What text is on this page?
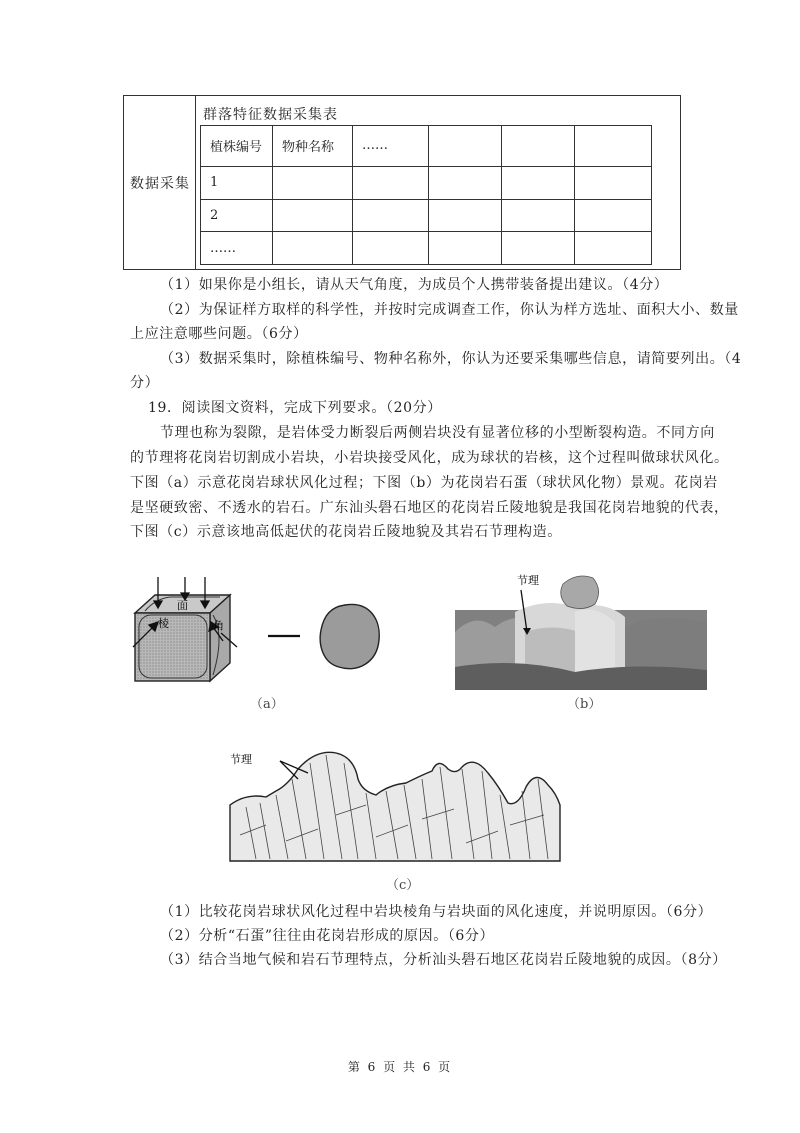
数据采集
群落特征数据采集表
植株编号	物种名称	……			
1					
2					
……					
（1）如果你是小组长，请从天气角度，为成员个人携带装备提出建议。（4分）
（2）为保证样方取样的科学性，并按时完成调查工作，你认为样方选址、面积大小、数量
上应注意哪些问题。（6分）
（3）数据采集时，除植株编号、物种名称外，你认为还要采集哪些信息，请简要列出。（4
分）
19．阅读图文资料，完成下列要求。（20分）
节理也称为裂隙，是岩体受力断裂后两侧岩块没有显著位移的小型断裂构造。不同方向
的节理将花岗岩切割成小岩块，小岩块接受风化，成为球状的岩核，这个过程叫做球状风化。
下图（a）示意花岗岩球状风化过程；下图（b）为花岗岩石蛋（球状风化物）景观。花岗岩
是坚硬致密、不透水的岩石。广东汕头礐石地区的花岗岩丘陵地貌是我国花岗岩地貌的代表，
下图（c）示意该地高低起伏的花岗岩丘陵地貌及其岩石节理构造。
面
棱	角
（a）
节理
（b）
节理
（c）
（1）比较花岗岩球状风化过程中岩块棱角与岩块面的风化速度，并说明原因。（6分）
（2）分析“石蛋”往往由花岗岩形成的原因。（6分）
（3）结合当地气候和岩石节理特点，分析汕头礐石地区花岗岩丘陵地貌的成因。（8分）
第 6 页 共 6 页
